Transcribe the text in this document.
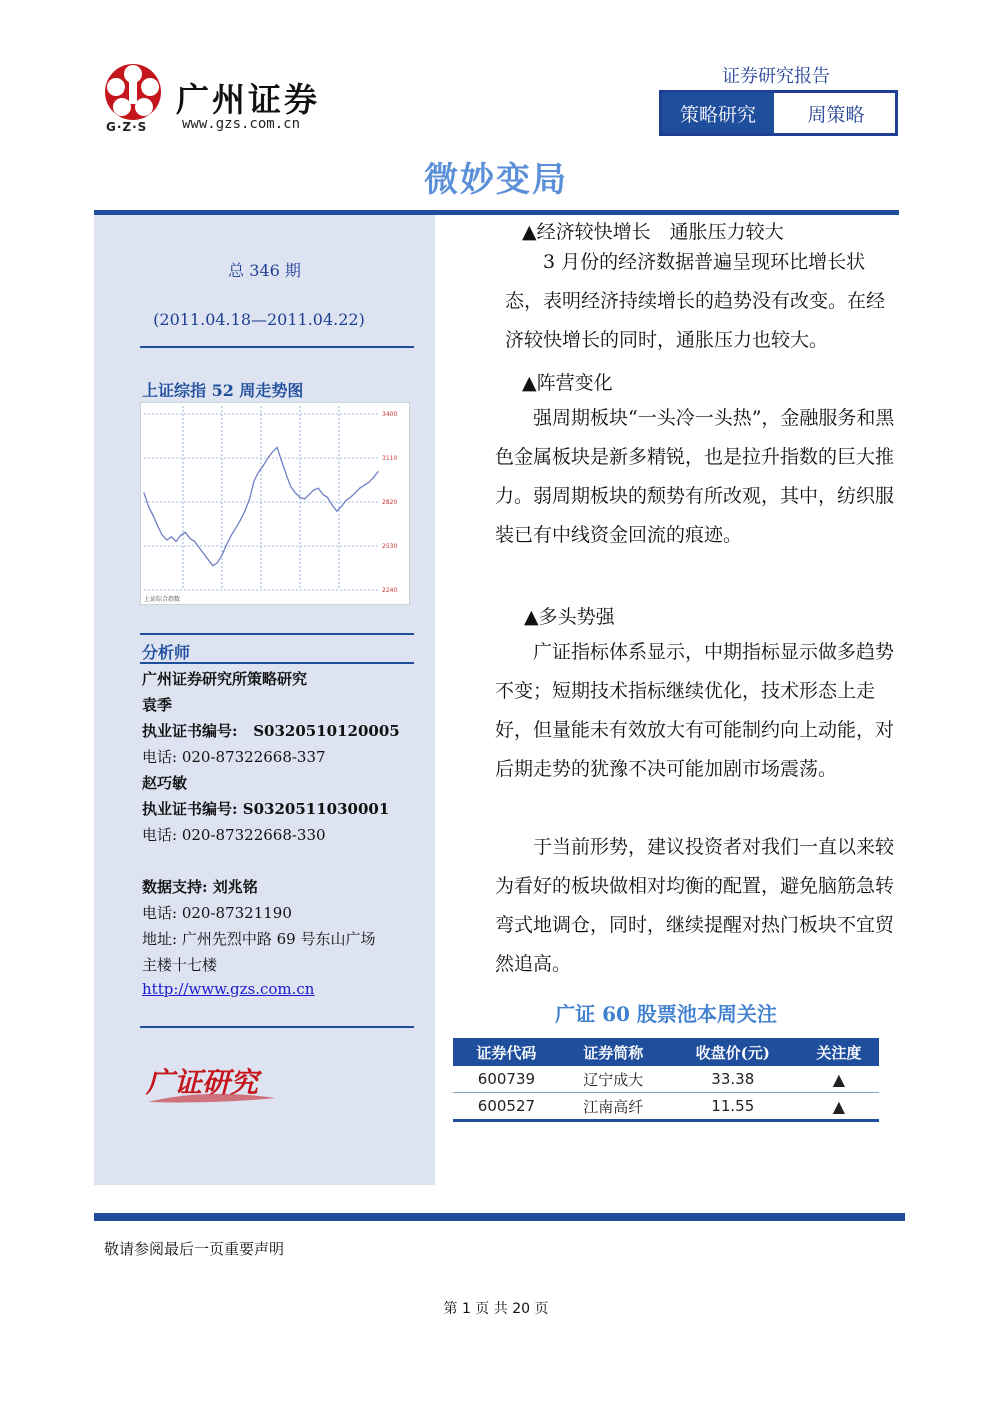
广州证券
G·Z·S www.gzs.com.cn
证券研究报告
策略研究	周策略
微妙变局
总 346 期
(2011.04.18—2011.04.22)
上证综指 52 周走势图
3400
3110
2820
2530
2240
上证综合指数
分析师
广州证券研究所策略研究
袁季
执业证书编号: S0320510120005
电话: 020-87322668-337
赵巧敏
执业证书编号: S0320511030001
电话: 020-87322668-330
数据支持: 刘兆铭
电话: 020-87321190
地址: 广州先烈中路 69 号东山广场
主楼十七楼
http://www.gzs.com.cn
广证研究
▲经济较快增长　通胀压力较大
3 月份的经济数据普遍呈现环比增长状态，表明经济持续增长的趋势没有改变。在经济较快增长的同时，通胀压力也较大。
▲阵营变化
强周期板块“一头冷一头热”，金融服务和黑色金属板块是新多精锐，也是拉升指数的巨大推力。弱周期板块的颓势有所改观，其中，纺织服装已有中线资金回流的痕迹。
▲多头势强
广证指标体系显示，中期指标显示做多趋势不变；短期技术指标继续优化，技术形态上走好，但量能未有效放大有可能制约向上动能，对后期走势的犹豫不决可能加剧市场震荡。
于当前形势，建议投资者对我们一直以来较为看好的板块做相对均衡的配置，避免脑筋急转弯式地调仓，同时，继续提醒对热门板块不宜贸然追高。
广证 60 股票池本周关注
证券代码	证券简称	收盘价(元)	关注度
600739	辽宁成大	33.38	▲
600527	江南高纤	11.55	▲
敬请参阅最后一页重要声明
第 1 页 共 20 页
